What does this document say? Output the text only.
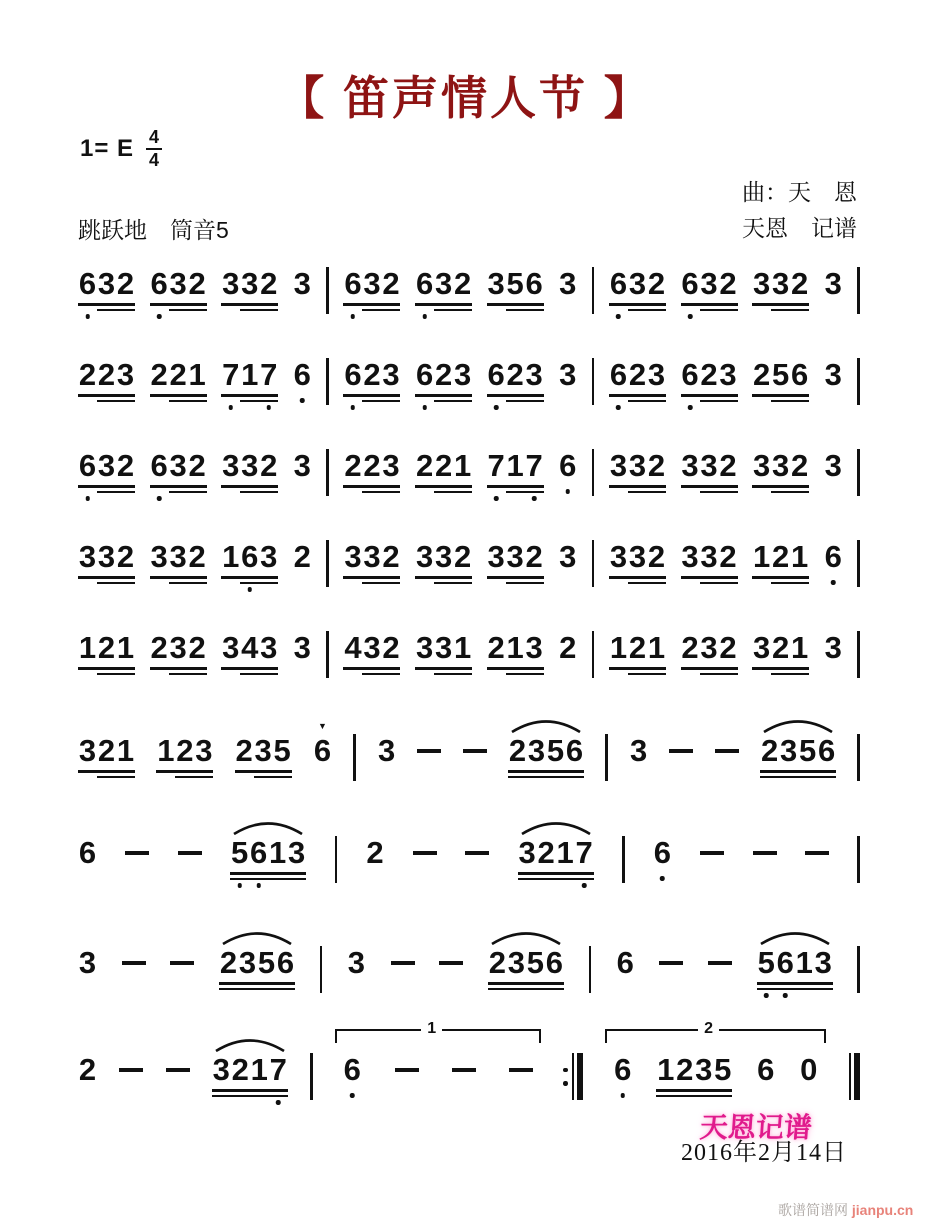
【 笛声情人节 】
1= E $\frac{4}{4}$
曲：天　恩
天恩　记谱
跳跃地　筒音5
6 3 2 6 3 2 3 3 2 3 6 3 2 6 3 2 3 5 6 3 6 3 2 6 3 2 3 3 2 3
2 2 3 2 2 1 7 1 7 6 6 2 3 6 2 3 6 2 3 3 6 2 3 6 2 3 2 5 6 3
6 3 2 6 3 2 3 3 2 3 2 2 3 2 2 1 7 1 7 6 3 3 2 3 3 2 3 3 2 3
3 3 2 3 3 2 1 6 3 2 3 3 2 3 3 2 3 3 2 3 3 3 2 3 3 2 1 2 1 6
1 2 1 2 3 2 3 4 3 3 4 3 2 3 3 1 2 1 3 2 1 2 1 2 3 2 3 2 1 3
3 2 1 1 2 3 2 3 5
▼
6 3	2 3 5 6 3	2 3 5 6
6	5 6 1 3 2	3 2 1 7 6
3	2 3 5 6 3	2 3 5 6 6	5 6 1 3
2	3 2 1 7
1
6
2
6 1 2 3 5 6 0
天恩记谱
2016年2月14日
歌谱简谱网 jianpu.cn
